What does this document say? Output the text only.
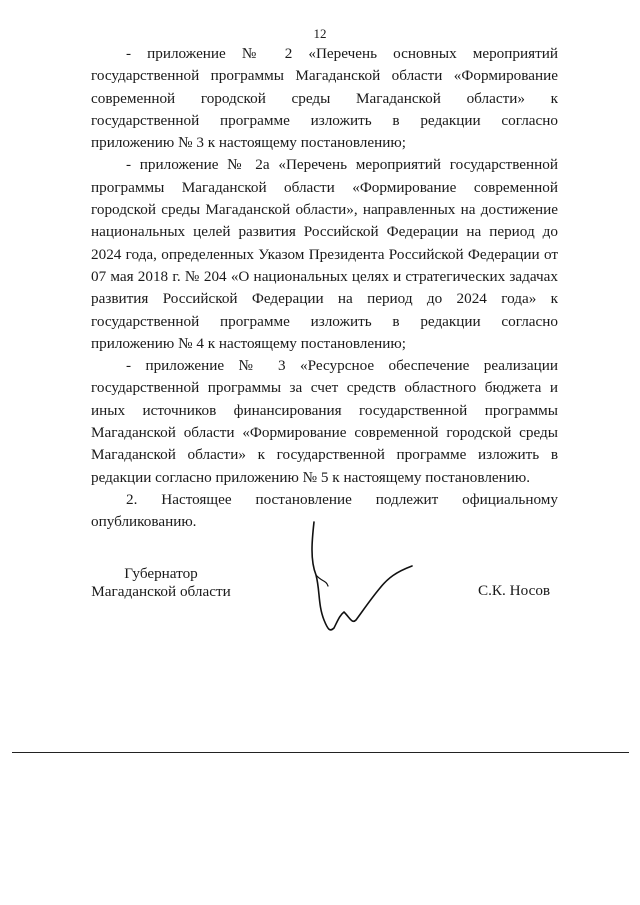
12

- приложение № 2 «Перечень основных мероприятий государственной программы Магаданской области «Формирование современной городской среды Магаданской области» к государственной программе изложить в редакции согласно приложению № 3 к настоящему постановлению;

- приложение № 2а «Перечень мероприятий государственной программы Магаданской области «Формирование современной городской среды Магаданской области», направленных на достижение национальных целей развития Российской Федерации на период до 2024 года, определенных Указом Президента Российской Федерации от 07 мая 2018 г. № 204 «О национальных целях и стратегических задачах развития Российской Федерации на период до 2024 года» к государственной программе изложить в редакции согласно приложению № 4 к настоящему постановлению;

- приложение № 3 «Ресурсное обеспечение реализации государственной программы за счет средств областного бюджета и иных источников финансирования государственной программы Магаданской области «Формирование современной городской среды Магаданской области» к государственной программе изложить в редакции согласно приложению № 5 к настоящему постановлению.

2. Настоящее постановление подлежит официальному опубликованию.

Губернатор
Магаданской области	С.К. Носов
